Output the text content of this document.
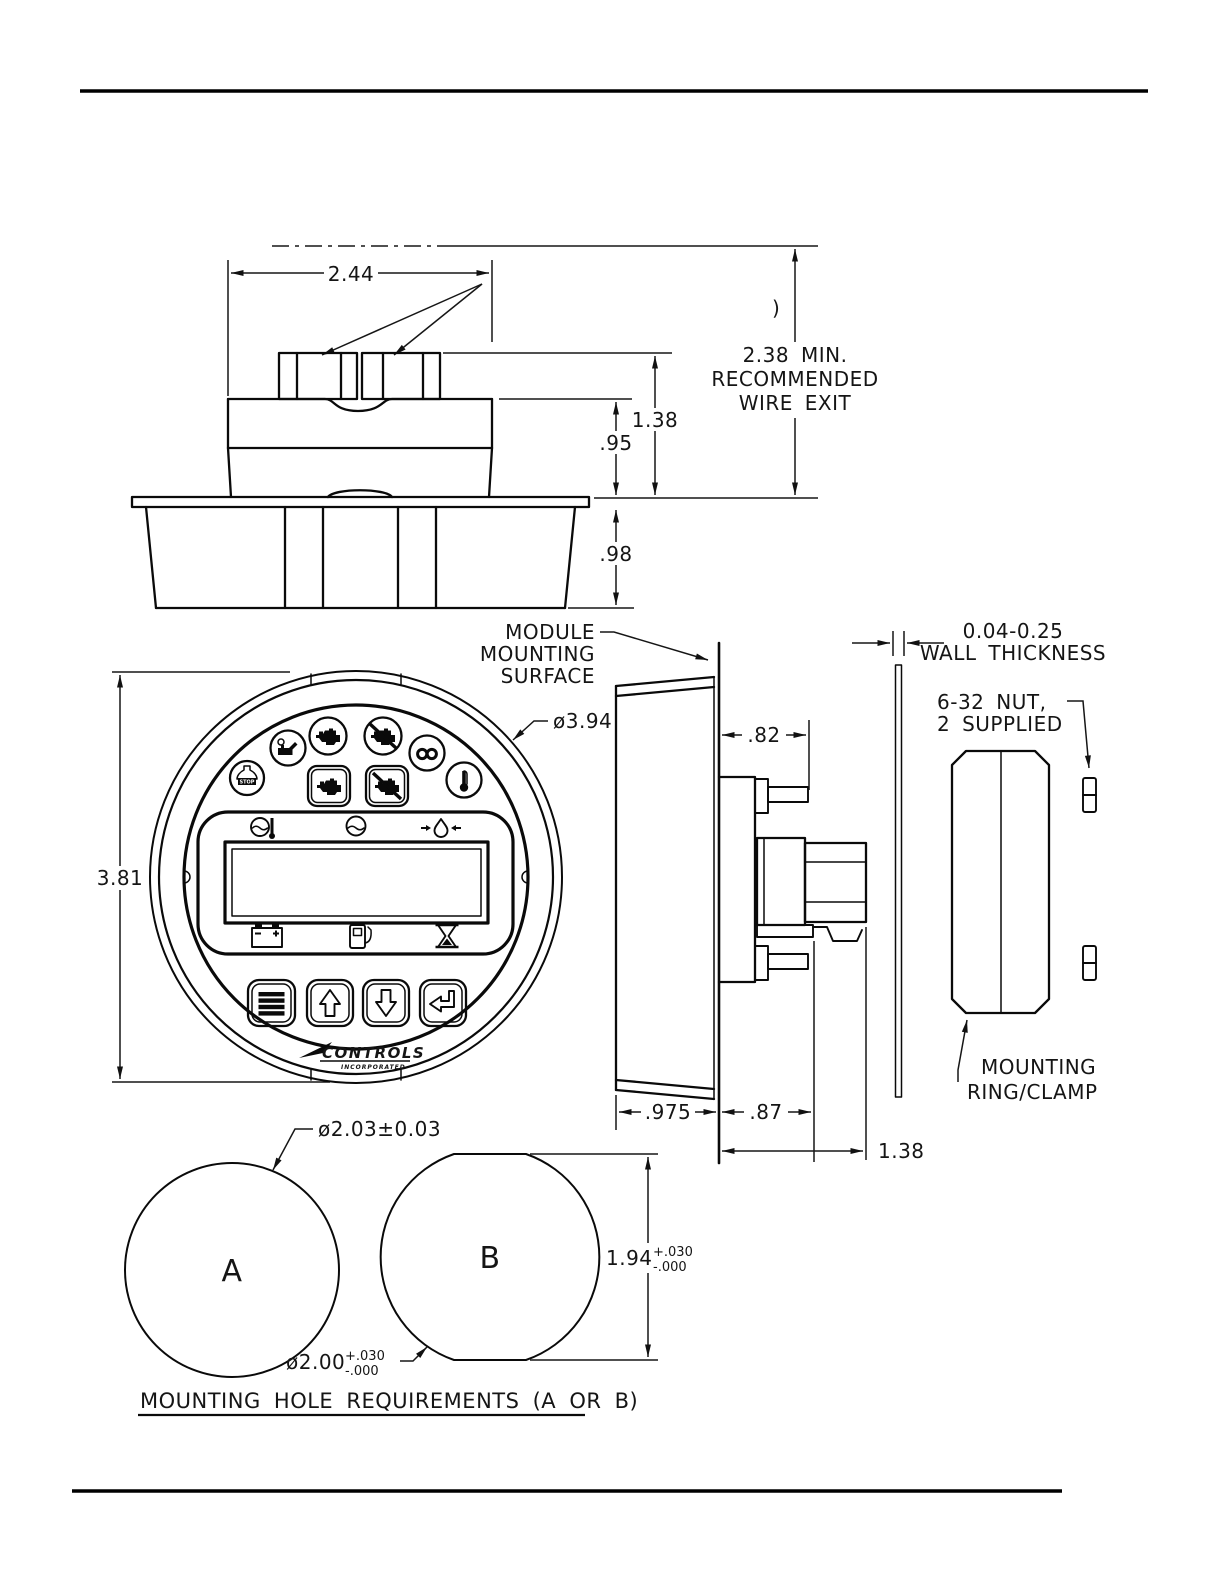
2.44
.95
1.38
)
2.38 MIN.
RECOMMENDED
WIRE EXIT
.98
3.81
ø3.94
STOP
CONTROLS
INCORPORATED
MODULE
MOUNTING
SURFACE
.82
0.04-0.25
WALL THICKNESS
6-32 NUT,
2 SUPPLIED
MOUNTING
RING/CLAMP
.975	.87
1.38
A
ø2.03±0.03
B	1.94 +.030
-.000
ø2.00 +.030
-.000
MOUNTING HOLE REQUIREMENTS (A OR B)
